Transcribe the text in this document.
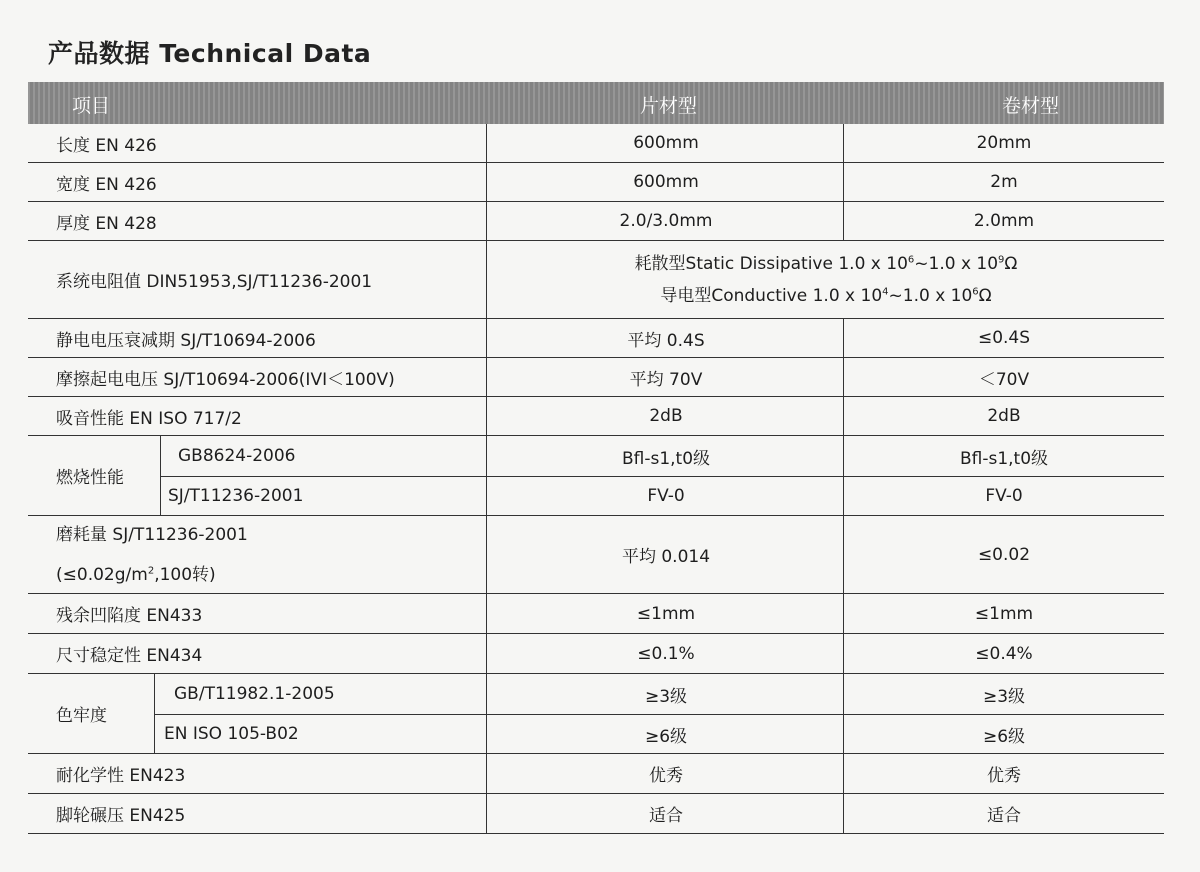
产品数据 Technical Data
项目	片材型	卷材型
长度 EN 426	600mm	20mm
宽度 EN 426	600mm	2m
厚度 EN 428	2.0/3.0mm	2.0mm
系统电阻值 DIN51953,SJ/T11236-2001
耗散型Static Dissipative 1.0 x $10^6\sim 1.0$ x $10^9\Omega$
导电型Conductive 1.0 x $10^4\sim 1.0$ x $10^6\Omega$
静电电压衰减期 SJ/T10694-2006	平均 0.4S	≤0.4S
摩擦起电电压 SJ/T10694-2006(IVI＜100V)	平均 70V	＜70V
吸音性能 EN ISO 717/2	2dB	2dB
燃烧性能
GB8624-2006	Bfl-s1,t0级	Bfl-s1,t0级
SJ/T11236-2001	FV-0	FV-0
磨耗量 SJ/T11236-2001
($\le 0.02g/m^2,100$转)
平均 0.014	≤0.02
残余凹陷度 EN433	≤1mm	≤1mm
尺寸稳定性 EN434	≤0.1%	≤0.4%
色牢度
GB/T11982.1-2005	≥3级	≥3级
EN ISO 105-B02	≥6级	≥6级
耐化学性 EN423	优秀	优秀
脚轮碾压 EN425	适合	适合
